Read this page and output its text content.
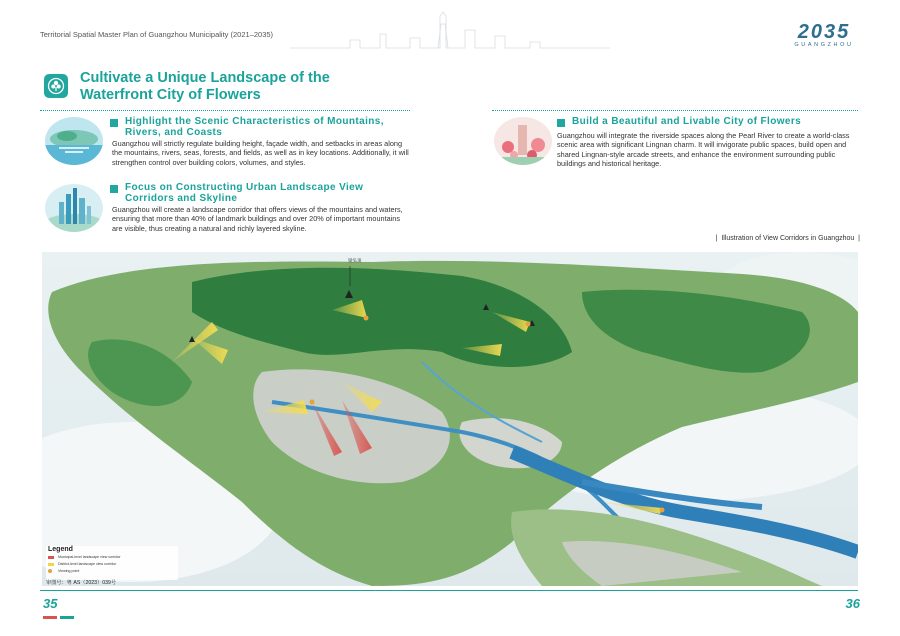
Territorial Spatial Master Plan of Guangzhou Municipality (2021–2035)	2035
GUANGZHOU
Cultivate a Unique Landscape of the Waterfront City of Flowers
Highlight the Scenic Characteristics of Mountains, Rivers, and Coasts
Guangzhou will strictly regulate building height, façade width, and setbacks in areas along the mountains, rivers, seas, forests, and fields, as well as in key locations. Additionally, it will strengthen control over building colors, volumes, and styles.
Focus on Constructing Urban Landscape View Corridors and Skyline
Guangzhou will create a landscape corridor that offers views of the mountains and waters, ensuring that more than 40% of landmark buildings and over 20% of important mountains are visible, thus creating a natural and richly layered skyline.
Build a Beautiful and Livable City of Flowers
Guangzhou will integrate the riverside spaces along the Pearl River to create a world-class scenic area with significant Lingnan charm. It will invigorate public spaces, build open and shared Lingnan-style arcade streets, and enhance the environment surrounding public buildings and historical heritage.
| Illustration of View Corridors in Guangzhou |
梁头顶
Legend
Municipal-level landscape view corridor
District-level landscape view corridor
Viewing point
审图号：粤 AS（2023）039号
35	36
